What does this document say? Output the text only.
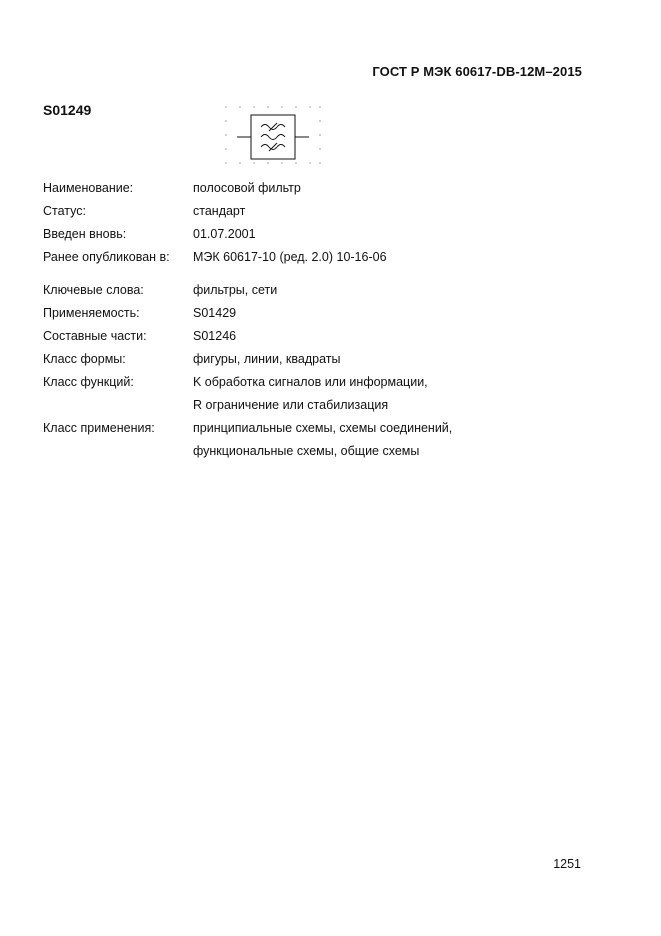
ГОСТ Р МЭК 60617-DB-12M–2015
S01249
Наименование:	полосовой фильтр
Статус:	стандарт
Введен вновь:	01.07.2001
Ранее опубликован в: МЭК 60617-10 (ред. 2.0) 10-16-06
Ключевые слова:	фильтры, сети
Применяемость:	S01429
Составные части:	S01246
Класс формы:	фигуры, линии, квадраты
Класс функций:	K обработка сигналов или информации,
R ограничение или стабилизация
Класс применения:	принципиальные схемы, схемы соединений,
функциональные схемы, общие схемы
1251
